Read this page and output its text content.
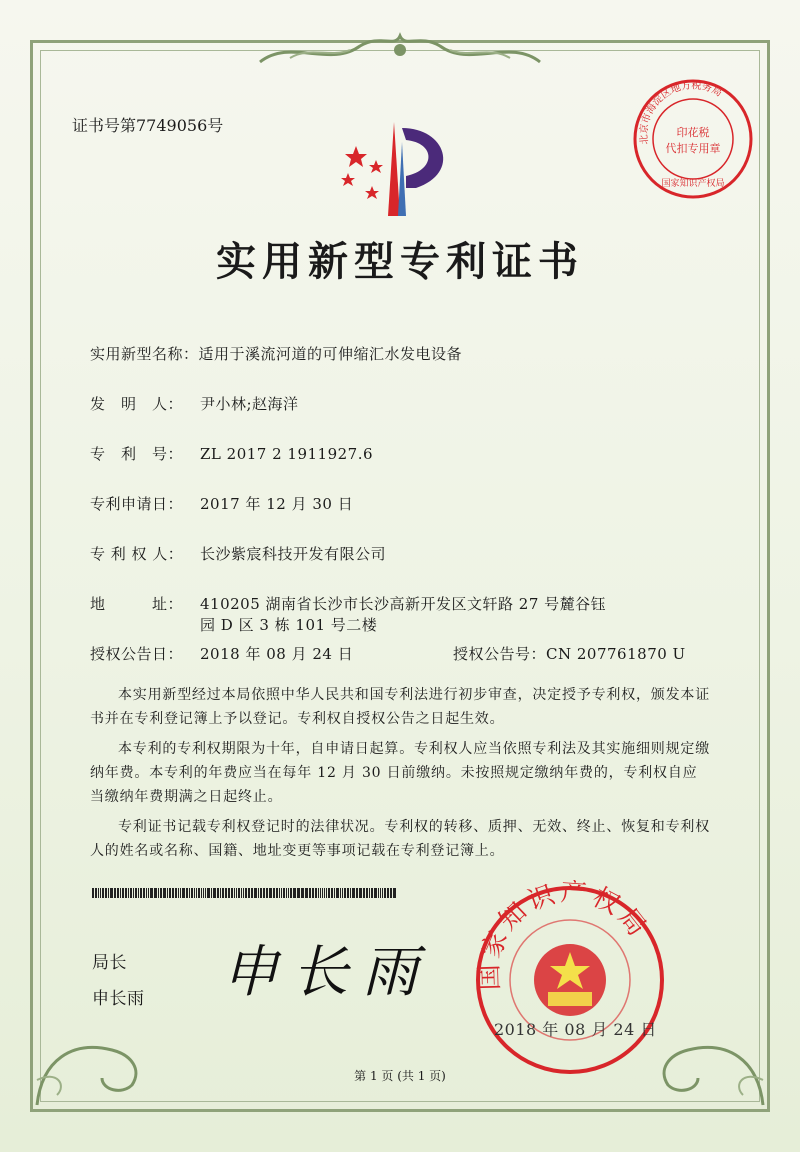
证书号第7749056号
北京市海淀区地方税务局
印花税
代扣专用章
国家知识产权局
实用新型专利证书
实用新型名称：适用于溪流河道的可伸缩汇水发电设备
发　明　人： 尹小林;赵海洋
专　利　号： ZL 2017 2 1911927.6
专利申请日： 2017 年 12 月 30 日
专 利 权 人： 长沙紫宸科技开发有限公司
地　　　址： 410205 湖南省长沙市长沙高新开发区文轩路 27 号麓谷钰
园 D 区 3 栋 101 号二楼
授权公告日： 2018 年 08 月 24 日	授权公告号：CN 207761870 U

本实用新型经过本局依照中华人民共和国专利法进行初步审查，决定授予专利权，颁发本证书并在专利登记簿上予以登记。专利权自授权公告之日起生效。

本专利的专利权期限为十年，自申请日起算。专利权人应当依照专利法及其实施细则规定缴纳年费。本专利的年费应当在每年 12 月 30 日前缴纳。未按照规定缴纳年费的，专利权自应当缴纳年费期满之日起终止。

专利证书记载专利权登记时的法律状况。专利权的转移、质押、无效、终止、恢复和专利权人的姓名或名称、国籍、地址变更等事项记载在专利登记簿上。

局长
申长雨 申长雨 国家知识产权局
2018 年 08 月 24 日
第 1 页 (共 1 页)
